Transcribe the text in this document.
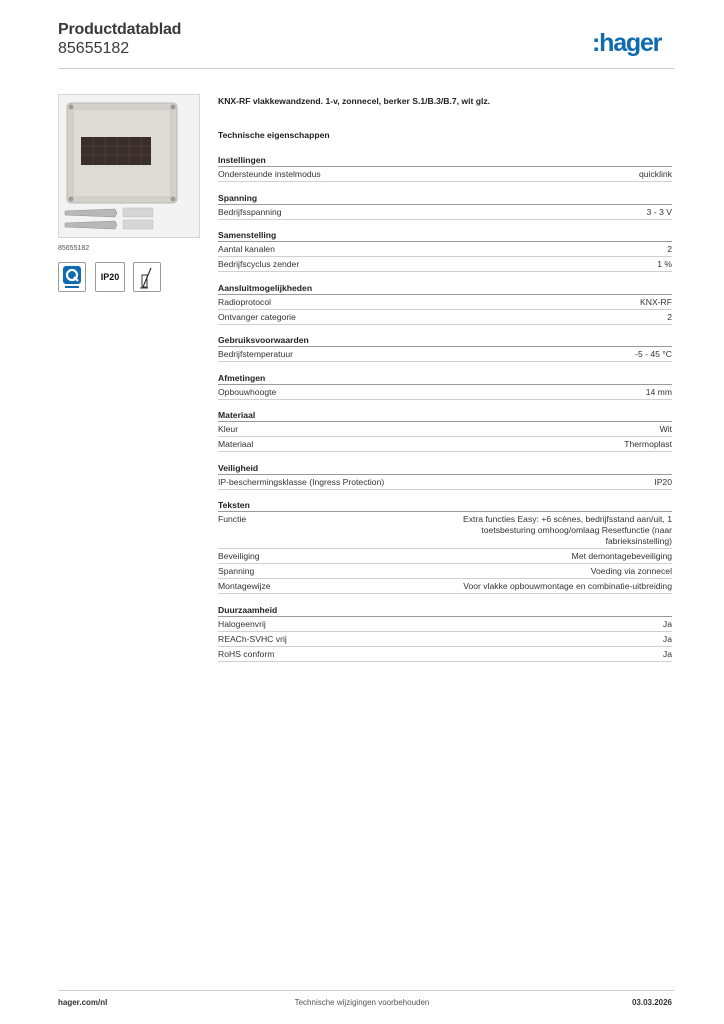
Productdatablad
85655182	:hager
85655182
IP20
KNX-RF vlakkewandzend. 1-v, zonnecel, berker S.1/B.3/B.7, wit glz.
Technische eigenschappen
Instellingen
Ondersteunde instelmodus	quicklink
Spanning
Bedrijfsspanning	3 - 3 V
Samenstelling
Aantal kanalen	2
Bedrijfscyclus zender	1 %
Aansluitmogelijkheden
Radioprotocol	KNX-RF
Ontvanger categorie	2
Gebruiksvoorwaarden
Bedrijfstemperatuur	-5 - 45 °C
Afmetingen
Opbouwhoogte	14 mm
Materiaal
Kleur	Wit
Materiaal	Thermoplast
Veiligheid
IP-beschermingsklasse (Ingress Protection)	IP20
Teksten
Functie	Extra functies Easy: +6 scènes, bedrijfsstand aan/uit, 1 toetsbesturing omhoog/omlaag Resetfunctie (naar fabrieksinstelling)
Beveiliging	Met demontagebeveiliging
Spanning	Voeding via zonnecel
Montagewijze	Voor vlakke opbouwmontage en combinatie-uitbreiding
Duurzaamheid
Halogeenvrij	Ja
REACh-SVHC vrij	Ja
RoHS conform	Ja
hager.com/nl	Technische wijzigingen voorbehouden	03.03.2026
